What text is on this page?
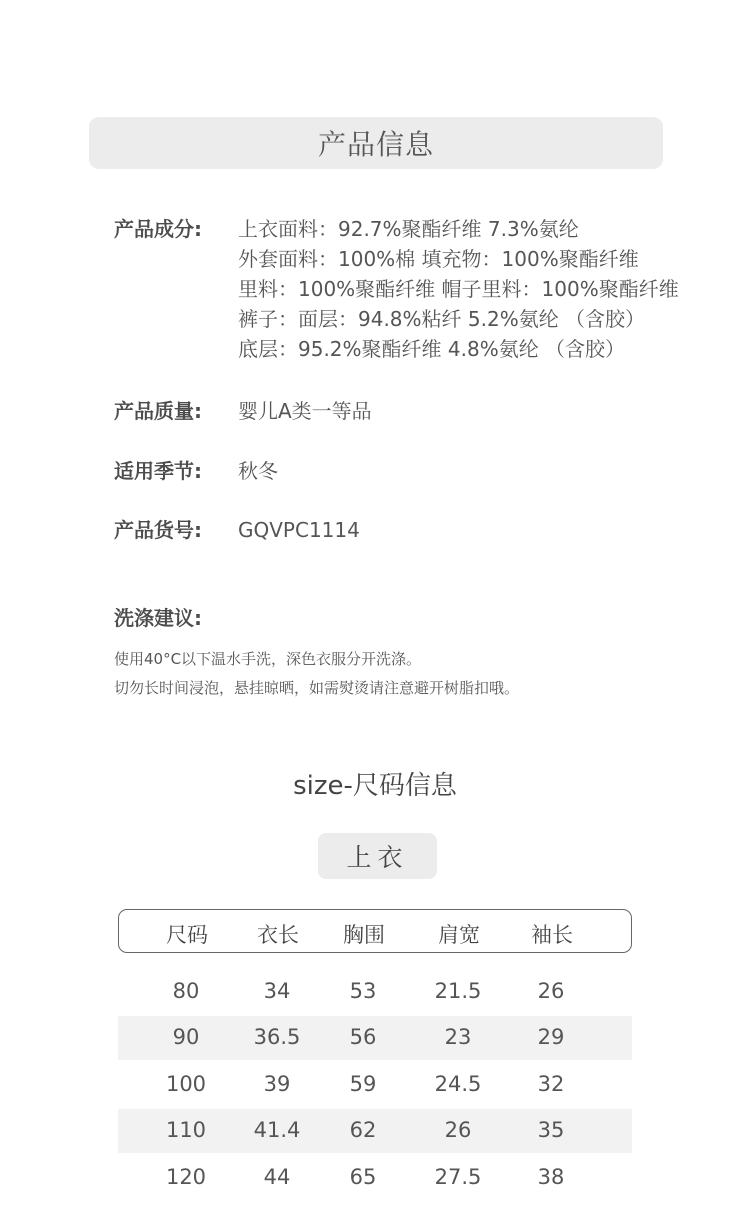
产品信息
产品成分:	上衣面料：92.7%聚酯纤维 7.3%氨纶
外套面料：100%棉 填充物：100%聚酯纤维
里料：100%聚酯纤维 帽子里料：100%聚酯纤维
裤子：面层：94.8%粘纤 5.2%氨纶 （含胶）
底层：95.2%聚酯纤维 4.8%氨纶 （含胶）
产品质量:	婴儿A类一等品
适用季节:	秋冬
产品货号:	GQVPC1114
洗涤建议:
使用40°C以下温水手洗，深色衣服分开洗涤。
切勿长时间浸泡，悬挂晾晒，如需熨烫请注意避开树脂扣哦。
size-尺码信息
上衣
尺码	衣长	胸围	肩宽	袖长
80	34	53	21.5	26
90	36.5	56	23	29
100	39	59	24.5	32
110	41.4	62	26	35
120	44	65	27.5	38
